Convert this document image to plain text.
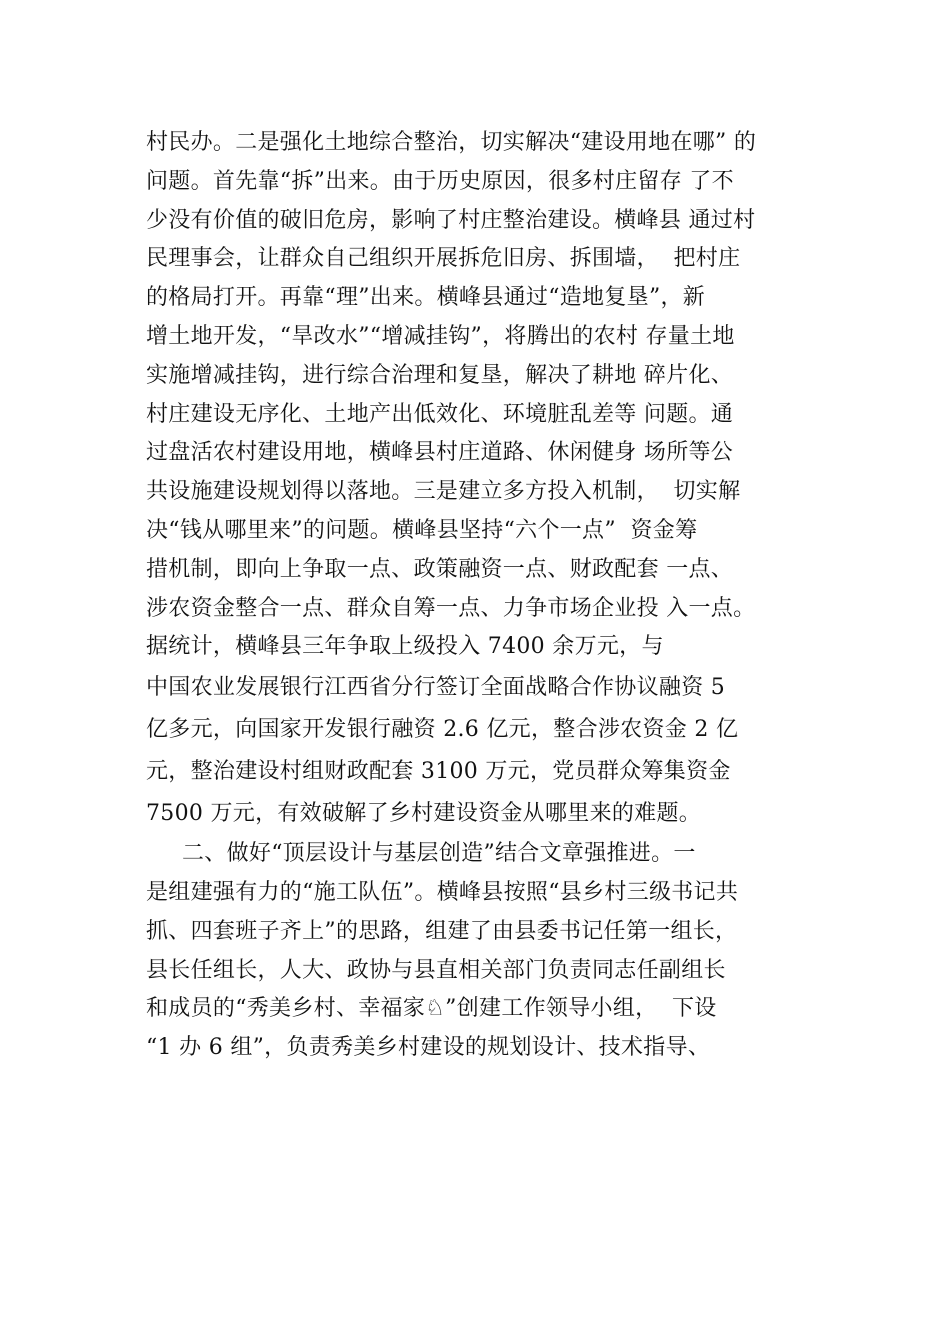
村民办。二是强化土地综合整治，切实解决“建设用地在哪” 的
问题。首先靠“拆”出来。由于历史原因，很多村庄留存 了不
少没有价值的破旧危房，影响了村庄整治建设。横峰县 通过村
民理事会，让群众自己组织开展拆危旧房、拆围墙，  把村庄
的格局打开。再靠“理”出来。横峰县通过“造地复垦”，新
增土地开发，“旱改水”“增减挂钩”，将腾出的农村 存量土地
实施增减挂钩，进行综合治理和复垦，解决了耕地 碎片化、
村庄建设无序化、土地产出低效化、环境脏乱差等 问题。通
过盘活农村建设用地，横峰县村庄道路、休闲健身 场所等公
共设施建设规划得以落地。三是建立多方投入机制，  切实解
决“钱从哪里来”的问题。横峰县坚持“六个一点”  资金筹
措机制，即向上争取一点、政策融资一点、财政配套 一点、
涉农资金整合一点、群众自筹一点、力争市场企业投 入一点。
据统计，横峰县三年争取上级投入 7400 余万元，与
中国农业发展银行江西省分行签订全面战略合作协议融资 5
亿多元，向国家开发银行融资 2.6 亿元，整合涉农资金 2 亿
元，整治建设村组财政配套 3100 万元，党员群众筹集资金
7500 万元，有效破解了乡村建设资金从哪里来的难题。
二、做好“顶层设计与基层创造”结合文章强推进。一
是组建强有力的“施工队伍”。横峰县按照“县乡村三级书记共
抓、四套班子齐上”的思路，组建了由县委书记任第一组长，
县长任组长，人大、政协与县直相关部门负责同志任副组长
和成员的“秀美乡村、幸福家♘”创建工作领导小组，  下设
“1 办 6 组”，负责秀美乡村建设的规划设计、技术指导、
